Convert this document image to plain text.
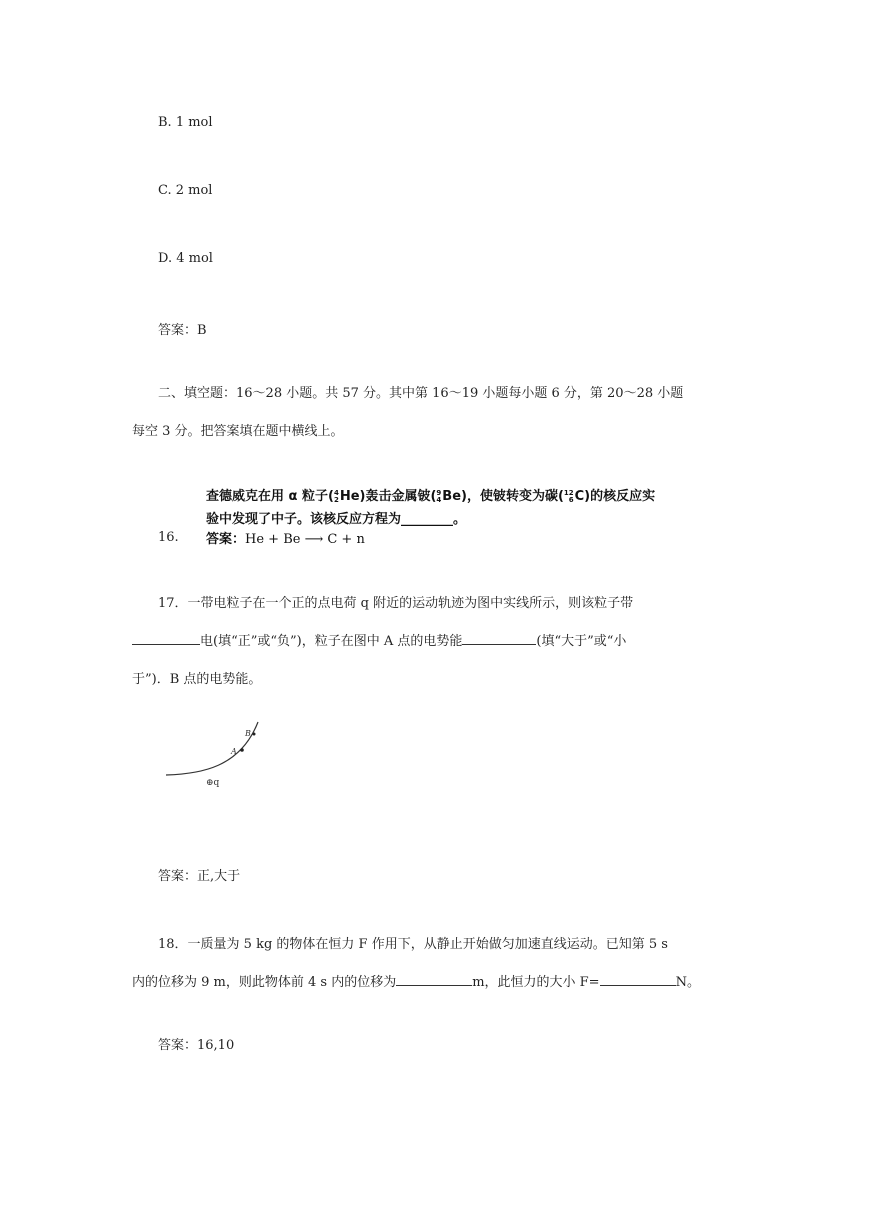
B. 1 mol
C. 2 mol
D. 4 mol
答案：B
二、填空题：16～28 小题。共 57 分。其中第 16～19 小题每小题 6 分，第 20～28 小题
每空 3 分。把答案填在题中横线上。
查德威克在用 α 粒子(4
2He)轰击金属铍(9
4Be)，使铍转变为碳(12
6C)的核反应实
验中发现了中子。该核反应方程为________。
答案：He + Be ⟶ C + n
16.
17．一带电粒子在一个正的点电荷 q 附近的运动轨迹为图中实线所示，则该粒子带
电(填“正”或“负”)，粒子在图中 A 点的电势能	(填“大于”或“小
于”)．B 点的电势能。
A
B
⊕q
答案：正,大于
18．一质量为 5 kg 的物体在恒力 F 作用下，从静止开始做匀加速直线运动。已知第 5 s
内的位移为 9 m，则此物体前 4 s 内的位移为	m，此恒力的大小 F=	N。
答案：16,10
